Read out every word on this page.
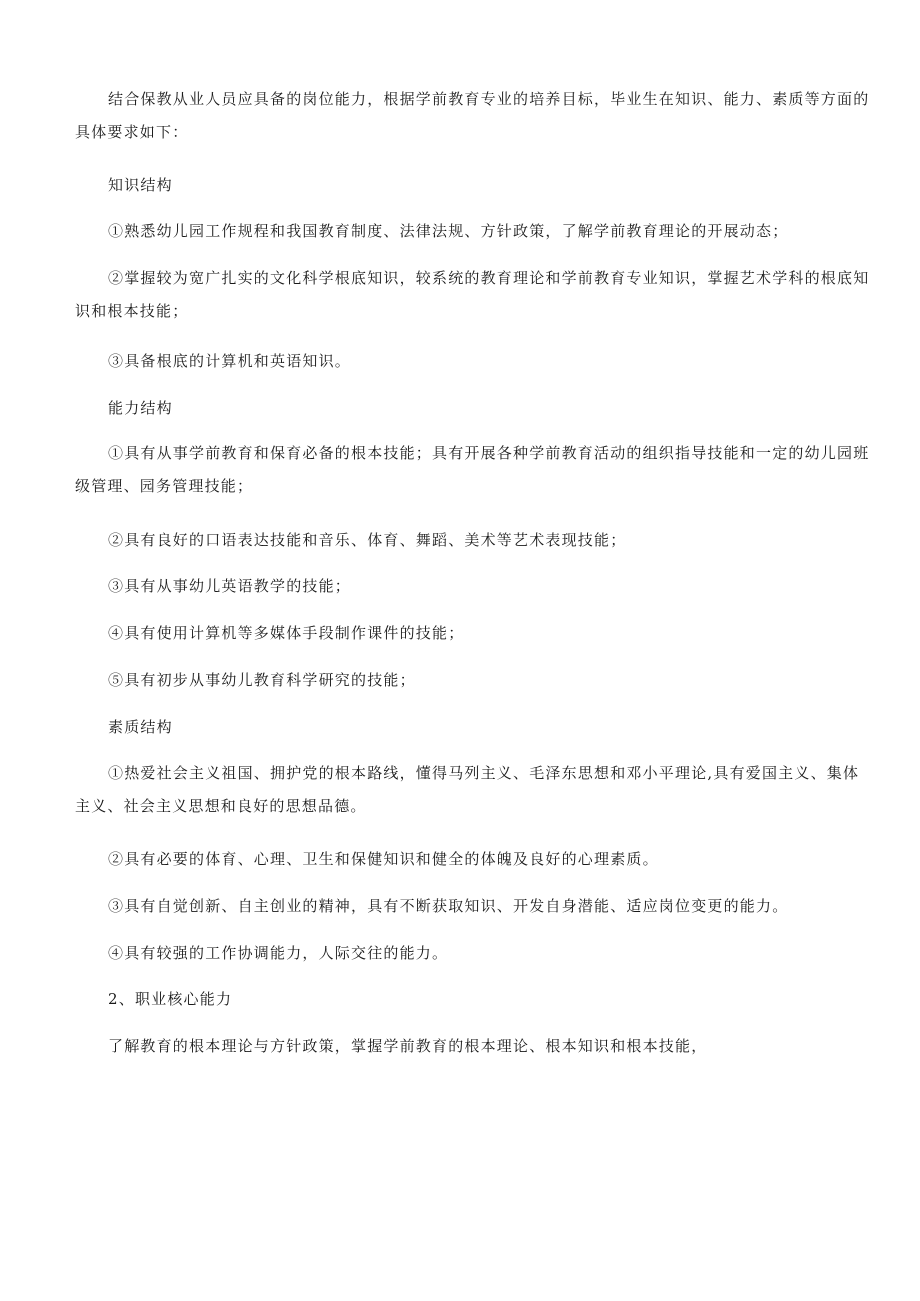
结合保教从业人员应具备的岗位能力，根据学前教育专业的培养目标，毕业生在知识、能力、素质等方面的具体要求如下：

知识结构

①熟悉幼儿园工作规程和我国教育制度、法律法规、方针政策，了解学前教育理论的开展动态；

②掌握较为宽广扎实的文化科学根底知识，较系统的教育理论和学前教育专业知识，掌握艺术学科的根底知识和根本技能；

③具备根底的计算机和英语知识。

能力结构

①具有从事学前教育和保育必备的根本技能；具有开展各种学前教育活动的组织指导技能和一定的幼儿园班级管理、园务管理技能；

②具有良好的口语表达技能和音乐、体育、舞蹈、美术等艺术表现技能；

③具有从事幼儿英语教学的技能；

④具有使用计算机等多媒体手段制作课件的技能；

⑤具有初步从事幼儿教育科学研究的技能；

素质结构

①热爱社会主义祖国、拥护党的根本路线，懂得马列主义、毛泽东思想和邓小平理论,具有爱国主义、集体主义、社会主义思想和良好的思想品德。

②具有必要的体育、心理、卫生和保健知识和健全的体魄及良好的心理素质。

③具有自觉创新、自主创业的精神，具有不断获取知识、开发自身潜能、适应岗位变更的能力。

④具有较强的工作协调能力，人际交往的能力。

2、职业核心能力

了解教育的根本理论与方针政策，掌握学前教育的根本理论、根本知识和根本技能，
